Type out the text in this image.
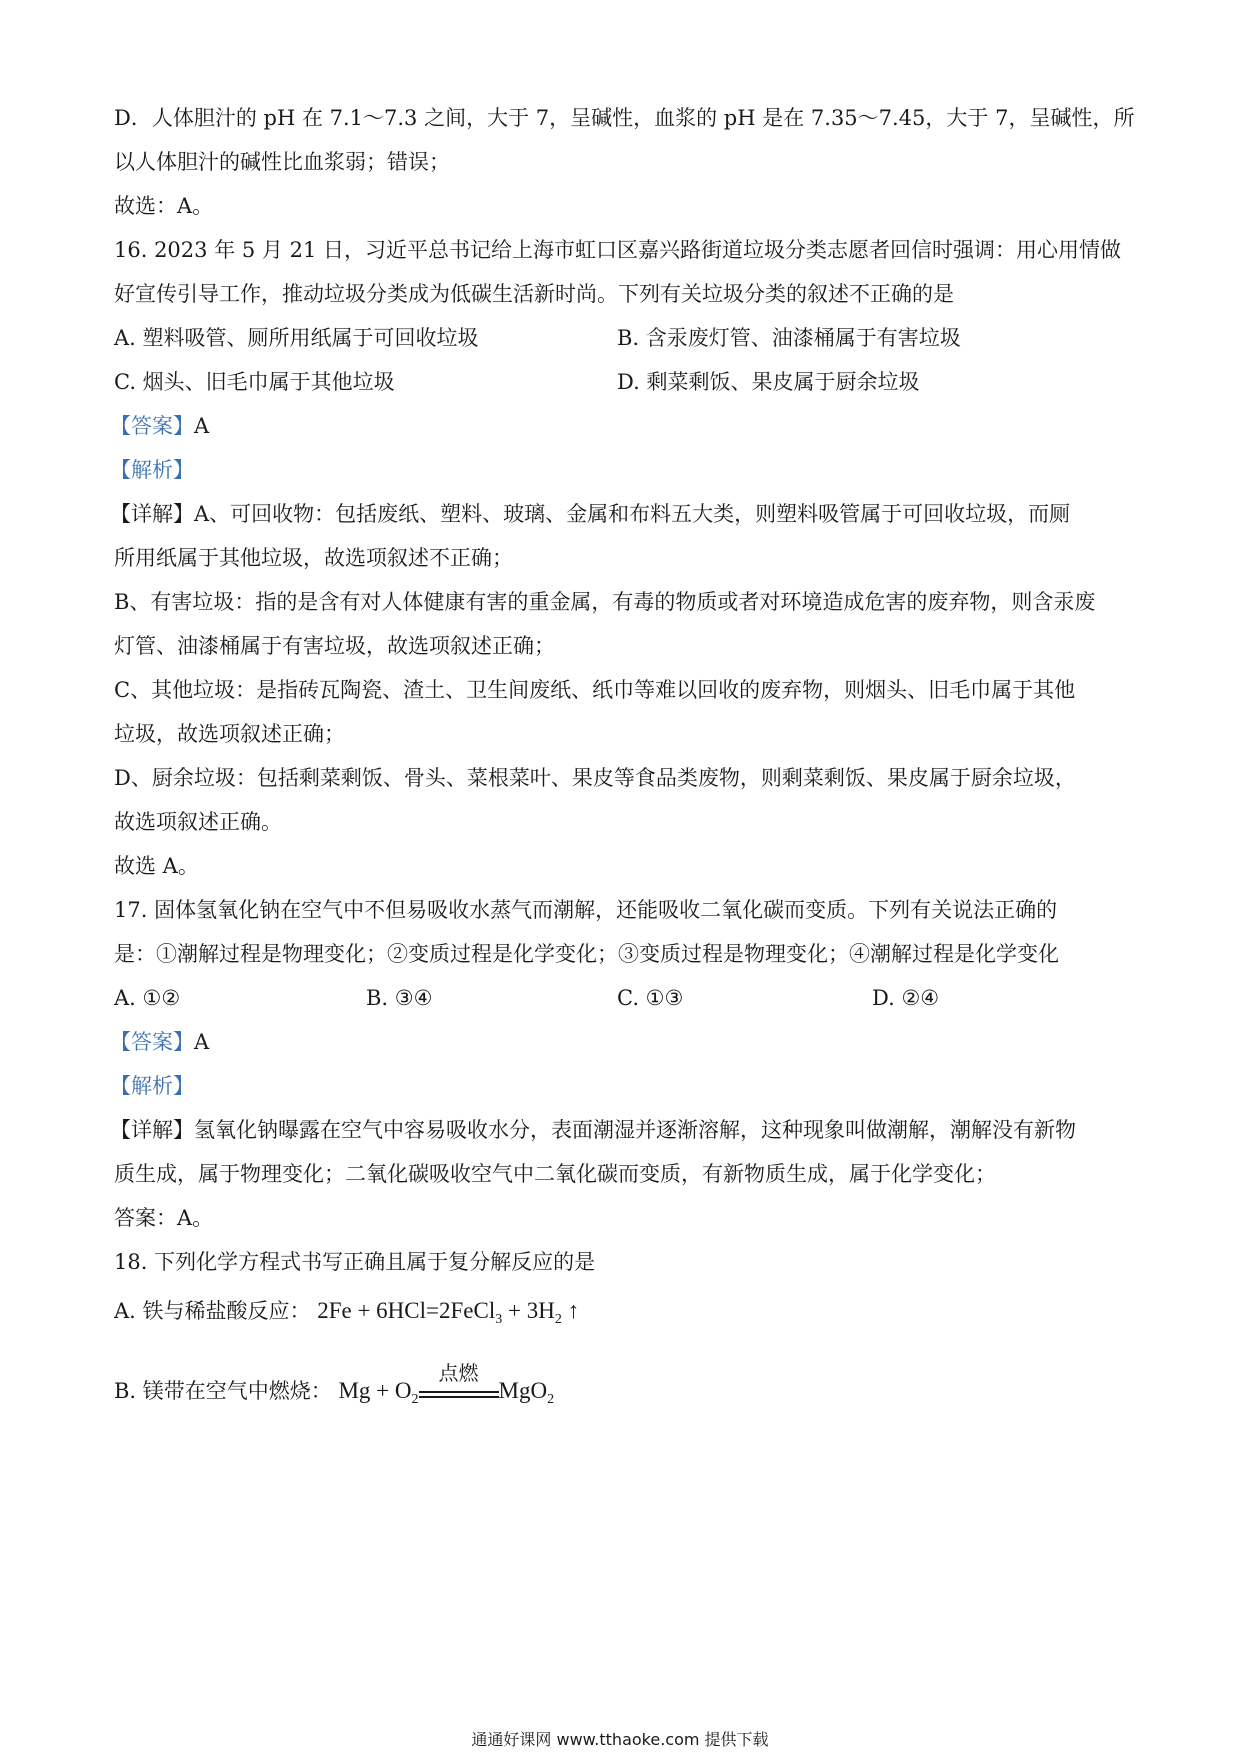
D．人体胆汁的 pH 在 7.1～7.3 之间，大于 7，呈碱性，血浆的 pH 是在 7.35～7.45，大于 7，呈碱性，所
以人体胆汁的碱性比血浆弱；错误；
故选：A。
16. 2023 年 5 月 21 日，习近平总书记给上海市虹口区嘉兴路街道垃圾分类志愿者回信时强调：用心用情做
好宣传引导工作，推动垃圾分类成为低碳生活新时尚。下列有关垃圾分类的叙述不正确的是
A. 塑料吸管、厕所用纸属于可回收垃圾	B. 含汞废灯管、油漆桶属于有害垃圾
C. 烟头、旧毛巾属于其他垃圾	D. 剩菜剩饭、果皮属于厨余垃圾
【答案】A
【解析】
【详解】A、可回收物：包括废纸、塑料、玻璃、金属和布料五大类，则塑料吸管属于可回收垃圾，而厕
所用纸属于其他垃圾，故选项叙述不正确；
B、有害垃圾：指的是含有对人体健康有害的重金属，有毒的物质或者对环境造成危害的废弃物，则含汞废
灯管、油漆桶属于有害垃圾，故选项叙述正确；
C、其他垃圾：是指砖瓦陶瓷、渣土、卫生间废纸、纸巾等难以回收的废弃物，则烟头、旧毛巾属于其他
垃圾，故选项叙述正确；
D、厨余垃圾：包括剩菜剩饭、骨头、菜根菜叶、果皮等食品类废物，则剩菜剩饭、果皮属于厨余垃圾，
故选项叙述正确。
故选 A。
17. 固体氢氧化钠在空气中不但易吸收水蒸气而潮解，还能吸收二氧化碳而变质。下列有关说法正确的
是：①潮解过程是物理变化；②变质过程是化学变化；③变质过程是物理变化；④潮解过程是化学变化
A. ①②	B. ③④	C. ①③	D. ②④
【答案】A
【解析】
【详解】氢氧化钠曝露在空气中容易吸收水分，表面潮湿并逐渐溶解，这种现象叫做潮解，潮解没有新物
质生成，属于物理变化；二氧化碳吸收空气中二氧化碳而变质，有新物质生成，属于化学变化；
答案：A。
18. 下列化学方程式书写正确且属于复分解反应的是
A. 铁与稀盐酸反应： 2Fe + 6HCl=2FeCl$_3$ + $3H_2$ ↑
B. 镁带在空气中燃烧： $Mg + O_2$
点燃
MgO$_2$
通通好课网 www.tthaoke.com 提供下载
